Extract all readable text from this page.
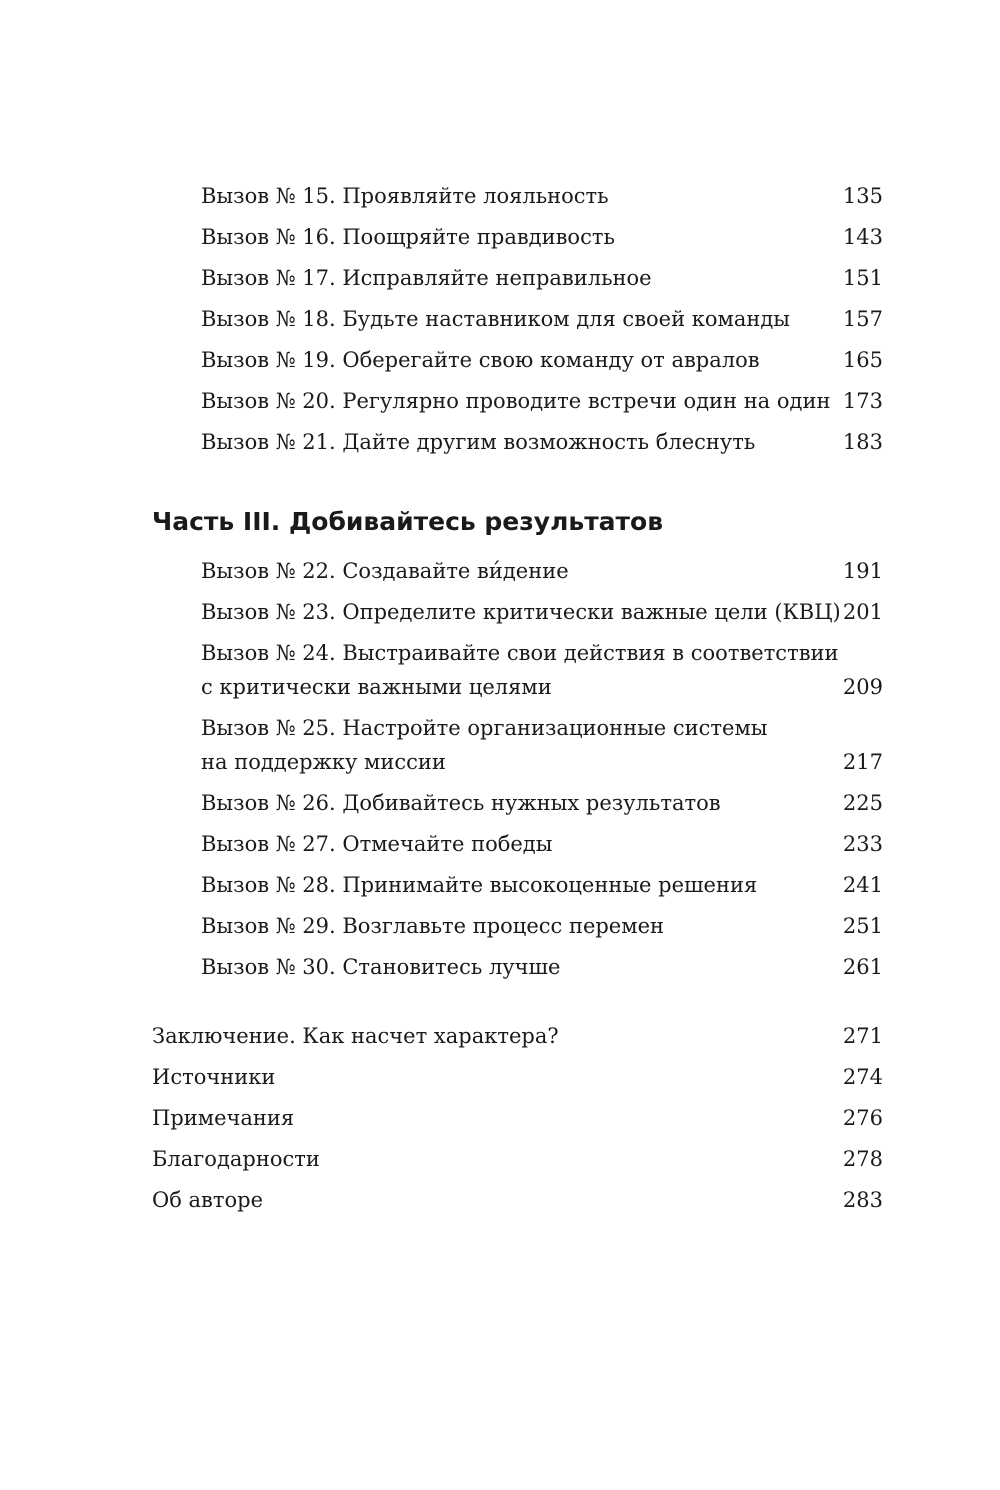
Вызов № 15. Проявляйте лояльность	135
Вызов № 16. Поощряйте правдивость	143
Вызов № 17. Исправляйте неправильное	151
Вызов № 18. Будьте наставником для своей команды	157
Вызов № 19. Оберегайте свою команду от авралов	165
Вызов № 20. Регулярно проводите встречи один на один 173
Вызов № 21. Дайте другим возможность блеснуть	183
Часть III. Добивайтесь результатов
Вызов № 22. Создавайте ви́дение	191
Вызов № 23. Определите критически важные цели (КВЦ) 201
Вызов № 24. Выстраивайте свои действия в соответствии
с критически важными целями	209
Вызов № 25. Настройте организационные системы
на поддержку миссии	217
Вызов № 26. Добивайтесь нужных результатов	225
Вызов № 27. Отмечайте победы	233
Вызов № 28. Принимайте высокоценные решения	241
Вызов № 29. Возглавьте процесс перемен	251
Вызов № 30. Становитесь лучше	261
Заключение. Как насчет характера?	271
Источники	274
Примечания	276
Благодарности	278
Об авторе	283
